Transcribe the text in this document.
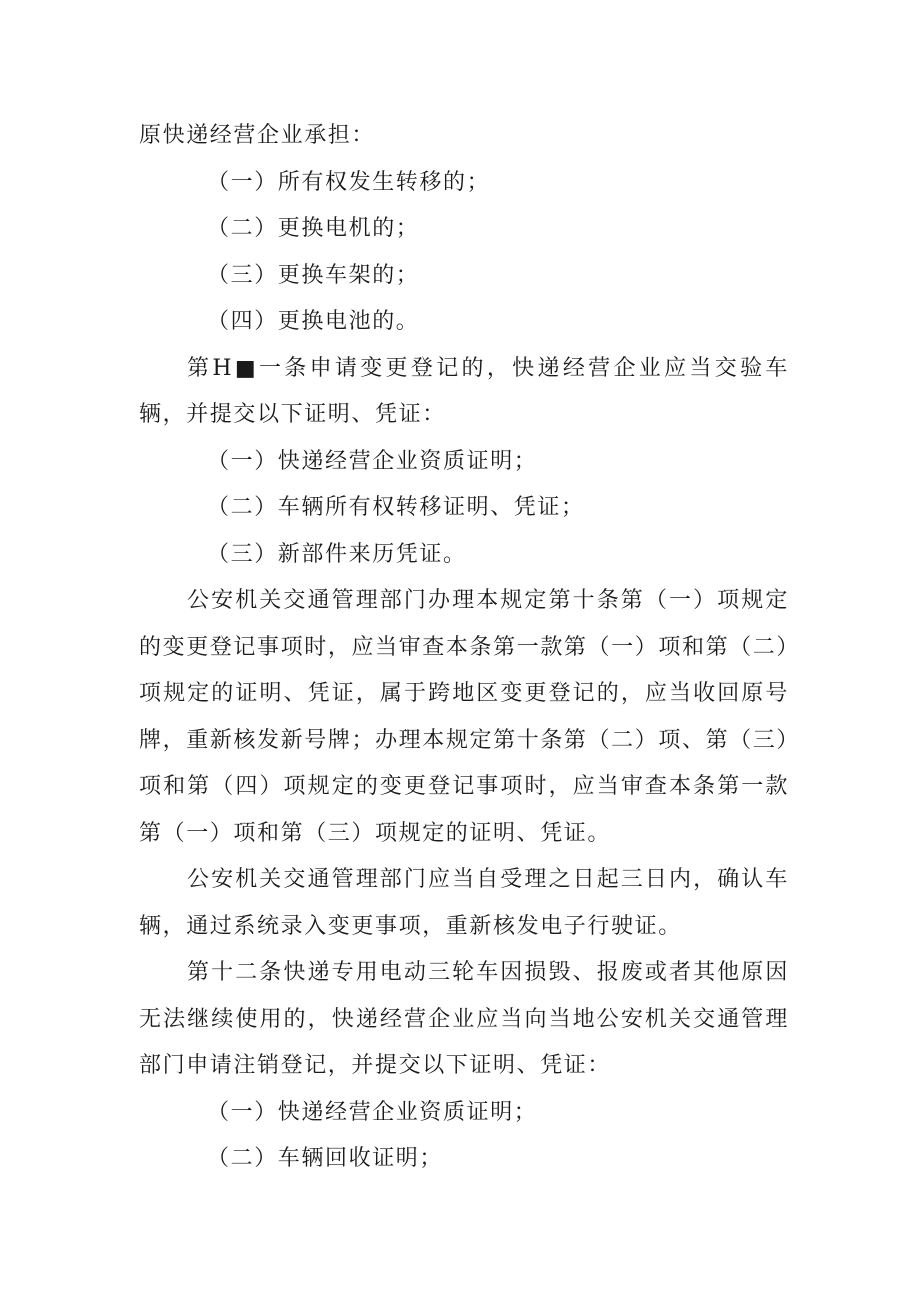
原快递经营企业承担：

（一）所有权发生转移的；

（二）更换电机的；

（三）更换车架的；

（四）更换电池的。

第H■一条申请变更登记的，快递经营企业应当交验车辆，并提交以下证明、凭证：

（一）快递经营企业资质证明；

（二）车辆所有权转移证明、凭证；

（三）新部件来历凭证。

公安机关交通管理部门办理本规定第十条第（一）项规定的变更登记事项时，应当审查本条第一款第（一）项和第（二）项规定的证明、凭证，属于跨地区变更登记的，应当收回原号牌，重新核发新号牌；办理本规定第十条第（二）项、第（三）项和第（四）项规定的变更登记事项时，应当审查本条第一款第（一）项和第（三）项规定的证明、凭证。

公安机关交通管理部门应当自受理之日起三日内，确认车辆，通过系统录入变更事项，重新核发电子行驶证。

第十二条快递专用电动三轮车因损毁、报废或者其他原因无法继续使用的，快递经营企业应当向当地公安机关交通管理部门申请注销登记，并提交以下证明、凭证：

（一）快递经营企业资质证明；

（二）车辆回收证明；
